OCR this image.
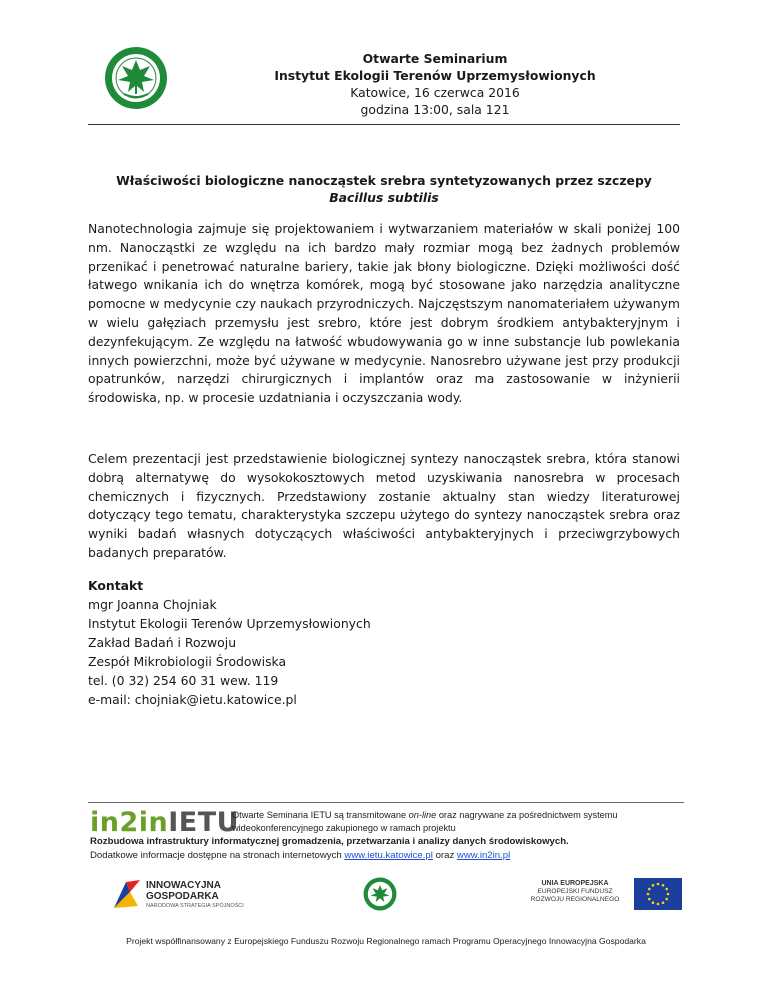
Otwarte Seminarium
Instytut Ekologii Terenów Uprzemysłowionych
Katowice, 16 czerwca 2016
godzina 13:00, sala 121
Właściwości biologiczne nanocząstek srebra syntetyzowanych przez szczepy
Bacillus subtilis
Nanotechnologia zajmuje się projektowaniem i wytwarzaniem materiałów w skali poniżej 100 nm. Nanocząstki ze względu na ich bardzo mały rozmiar mogą bez żadnych problemów przenikać i penetrować naturalne bariery, takie jak błony biologiczne. Dzięki możliwości dość łatwego wnikania ich do wnętrza komórek, mogą być stosowane jako narzędzia analityczne pomocne w medycynie czy naukach przyrodniczych. Najczęstszym nanomateriałem używanym w wielu gałęziach przemysłu jest srebro, które jest dobrym środkiem antybakteryjnym i dezynfekującym. Ze względu na łatwość wbudowywania go w inne substancje lub powlekania innych powierzchni, może być używane w medycynie. Nanosrebro używane jest przy produkcji opatrunków, narzędzi chirurgicznych i implantów oraz ma zastosowanie w inżynierii środowiska, np. w procesie uzdatniania i oczyszczania wody.
Celem prezentacji jest przedstawienie biologicznej syntezy nanocząstek srebra, która stanowi dobrą alternatywę do wysokokosztowych metod uzyskiwania nanosrebra w procesach chemicznych i fizycznych. Przedstawiony zostanie aktualny stan wiedzy literaturowej dotyczący tego tematu, charakterystyka szczepu użytego do syntezy nanocząstek srebra oraz wyniki badań własnych dotyczących właściwości antybakteryjnych i przeciwgrzybowych badanych preparatów.
Kontakt
mgr Joanna Chojniak
Instytut Ekologii Terenów Uprzemysłowionych
Zakład Badań i Rozwoju
Zespół Mikrobiologii Środowiska
tel. (0 32) 254 60 31 wew. 119
e-mail: chojniak@ietu.katowice.pl
in2inIETU
Otwarte Seminaria IETU są transmitowane on-line oraz nagrywane za pośrednictwem systemu wideokonferencyjnego zakupionego w ramach projektu
Rozbudowa infrastruktury informatycznej gromadzenia, przetwarzania i analizy danych środowiskowych.
Dodatkowe informacje dostępne na stronach internetowych www.ietu.katowice.pl oraz www.in2in.pl
INNOWACYJNA
GOSPODARKA
NARODOWA STRATEGIA SPÓJNOŚCI
UNIA EUROPEJSKA
EUROPEJSKI FUNDUSZ
ROZWOJU REGIONALNEGO
Projekt współfinansowany z Europejskiego Funduszu Rozwoju Regionalnego ramach Programu Operacyjnego Innowacyjna Gospodarka
